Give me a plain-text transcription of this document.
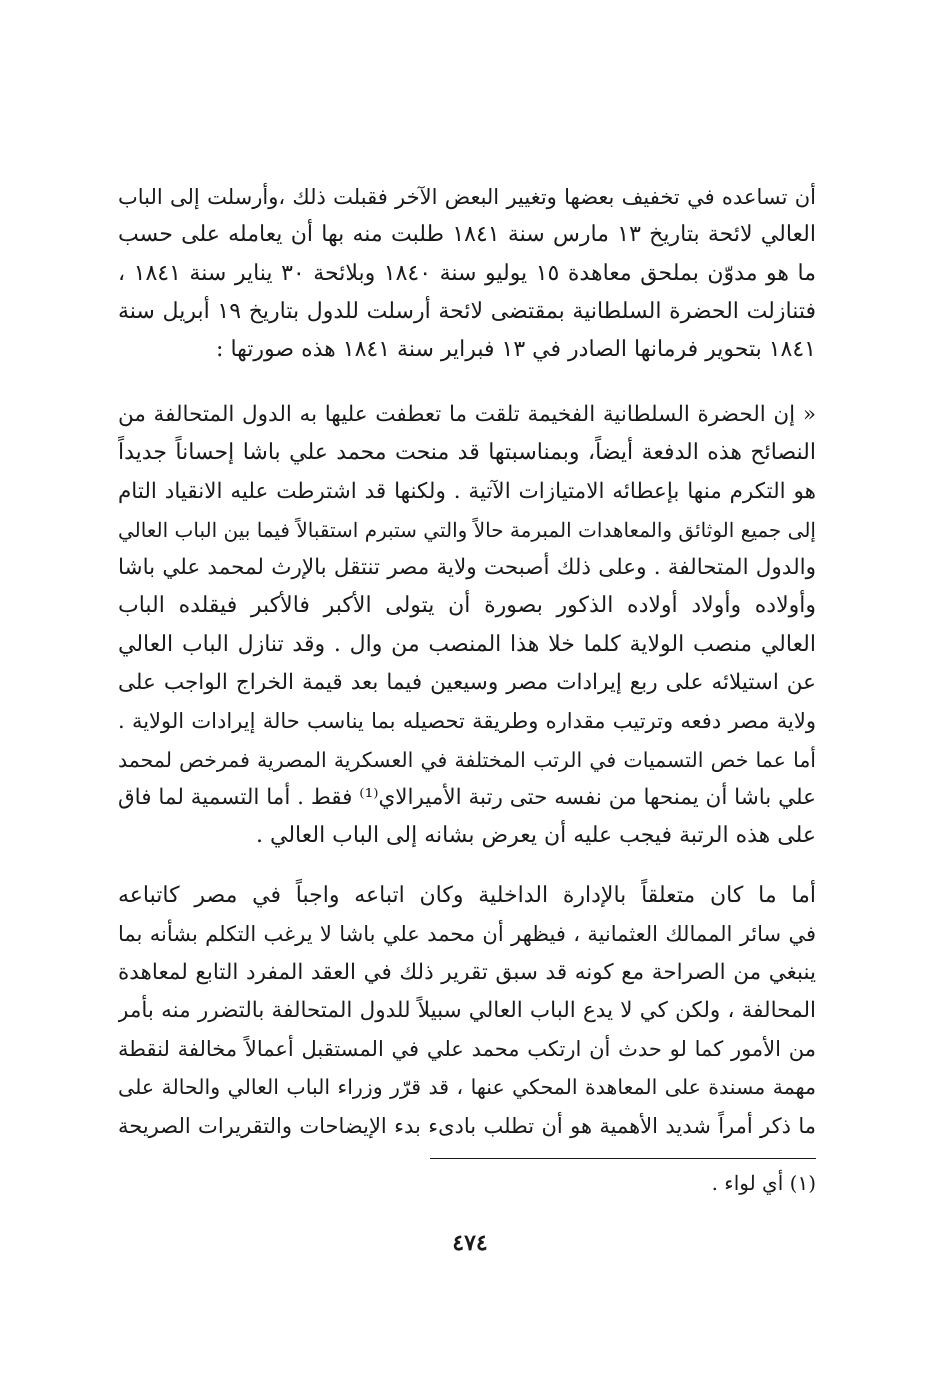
أن تساعده في تخفيف بعضها وتغيير البعض الآخر فقبلت ذلك ،وأرسلت إلى الباب
العالي لائحة بتاريخ ١٣ مارس سنة ١٨٤١ طلبت منه بها أن يعامله على حسب
ما هو مدوّن بملحق معاهدة ١٥ يوليو سنة ١٨٤٠ وبلائحة ٣٠ يناير سنة ١٨٤١ ،
فتنازلت الحضرة السلطانية بمقتضى لائحة أرسلت للدول بتاريخ ١٩ أبريل سنة
١٨٤١ بتحوير فرمانها الصادر في ١٣ فبراير سنة ١٨٤١ هذه صورتها :
« إن الحضرة السلطانية الفخيمة تلقت ما تعطفت عليها به الدول المتحالفة من
النصائح هذه الدفعة أيضاً، وبمناسبتها قد منحت محمد علي باشا إحساناً جديداً
هو التكرم منها بإعطائه الامتيازات الآتية . ولكنها قد اشترطت عليه الانقياد التام
إلى جميع الوثائق والمعاهدات المبرمة حالاً والتي ستبرم استقبالاً فيما بين الباب العالي
والدول المتحالفة . وعلى ذلك أصبحت ولاية مصر تنتقل بالإرث لمحمد علي باشا
وأولاده وأولاد أولاده الذكور بصورة أن يتولى الأكبر فالأكبر فيقلده الباب
العالي منصب الولاية كلما خلا هذا المنصب من وال . وقد تنازل الباب العالي
عن استيلائه على ربع إيرادات مصر وسيعين فيما بعد قيمة الخراج الواجب على
ولاية مصر دفعه وترتيب مقداره وطريقة تحصيله بما يناسب حالة إيرادات الولاية .
أما عما خص التسميات في الرتب المختلفة في العسكرية المصرية فمرخص لمحمد
علي باشا أن يمنحها من نفسه حتى رتبة الأميرالاي⁽¹⁾ فقط . أما التسمية لما فاق
على هذه الرتبة فيجب عليه أن يعرض بشانه إلى الباب العالي .
أما ما كان متعلقاً بالإدارة الداخلية وكان اتباعه واجباً في مصر كاتباعه
في سائر الممالك العثمانية ، فيظهر أن محمد علي باشا لا يرغب التكلم بشأنه بما
ينبغي من الصراحة مع كونه قد سبق تقرير ذلك في العقد المفرد التابع لمعاهدة
المحالفة ، ولكن كي لا يدع الباب العالي سبيلاً للدول المتحالفة بالتضرر منه بأمر
من الأمور كما لو حدث أن ارتكب محمد علي في المستقبل أعمالاً مخالفة لنقطة
مهمة مسندة على المعاهدة المحكي عنها ، قد قرّر وزراء الباب العالي والحالة على
ما ذكر أمراً شديد الأهمية هو أن تطلب بادىء بدء الإيضاحات والتقريرات الصريحة
(١) أي لواء .
٤٧٤
